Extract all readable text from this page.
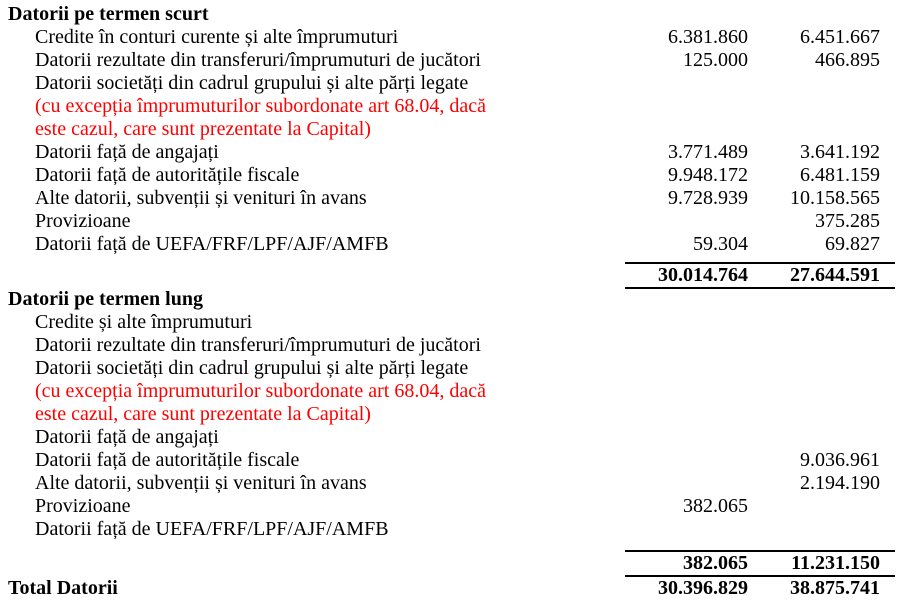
Datorii pe termen scurt		
Credite în conturi curente și alte împrumuturi	6.381.860	6.451.667
Datorii rezultate din transferuri/împrumuturi de jucători	125.000	466.895
Datorii societăți din cadrul grupului și alte părți legate		
(cu excepția împrumuturilor subordonate art 68.04, dacă		
este cazul, care sunt prezentate la Capital)		
Datorii față de angajați	3.771.489	3.641.192
Datorii față de autoritățile fiscale	9.948.172	6.481.159
Alte datorii, subvenții și venituri în avans	9.728.939	10.158.565
Provizioane		375.285
Datorii față de UEFA/FRF/LPF/AJF/AMFB	59.304	69.827

	30.014.764	27.644.591
Datorii pe termen lung		
Credite și alte împrumuturi		
Datorii rezultate din transferuri/împrumuturi de jucători		
Datorii societăți din cadrul grupului și alte părți legate		
(cu excepția împrumuturilor subordonate art 68.04, dacă		
este cazul, care sunt prezentate la Capital)		
Datorii față de angajați		
Datorii față de autoritățile fiscale		9.036.961
Alte datorii, subvenții și venituri în avans		2.194.190
Provizioane	382.065	
Datorii față de UEFA/FRF/LPF/AJF/AMFB		

	382.065	11.231.150
Total Datorii	30.396.829	38.875.741
